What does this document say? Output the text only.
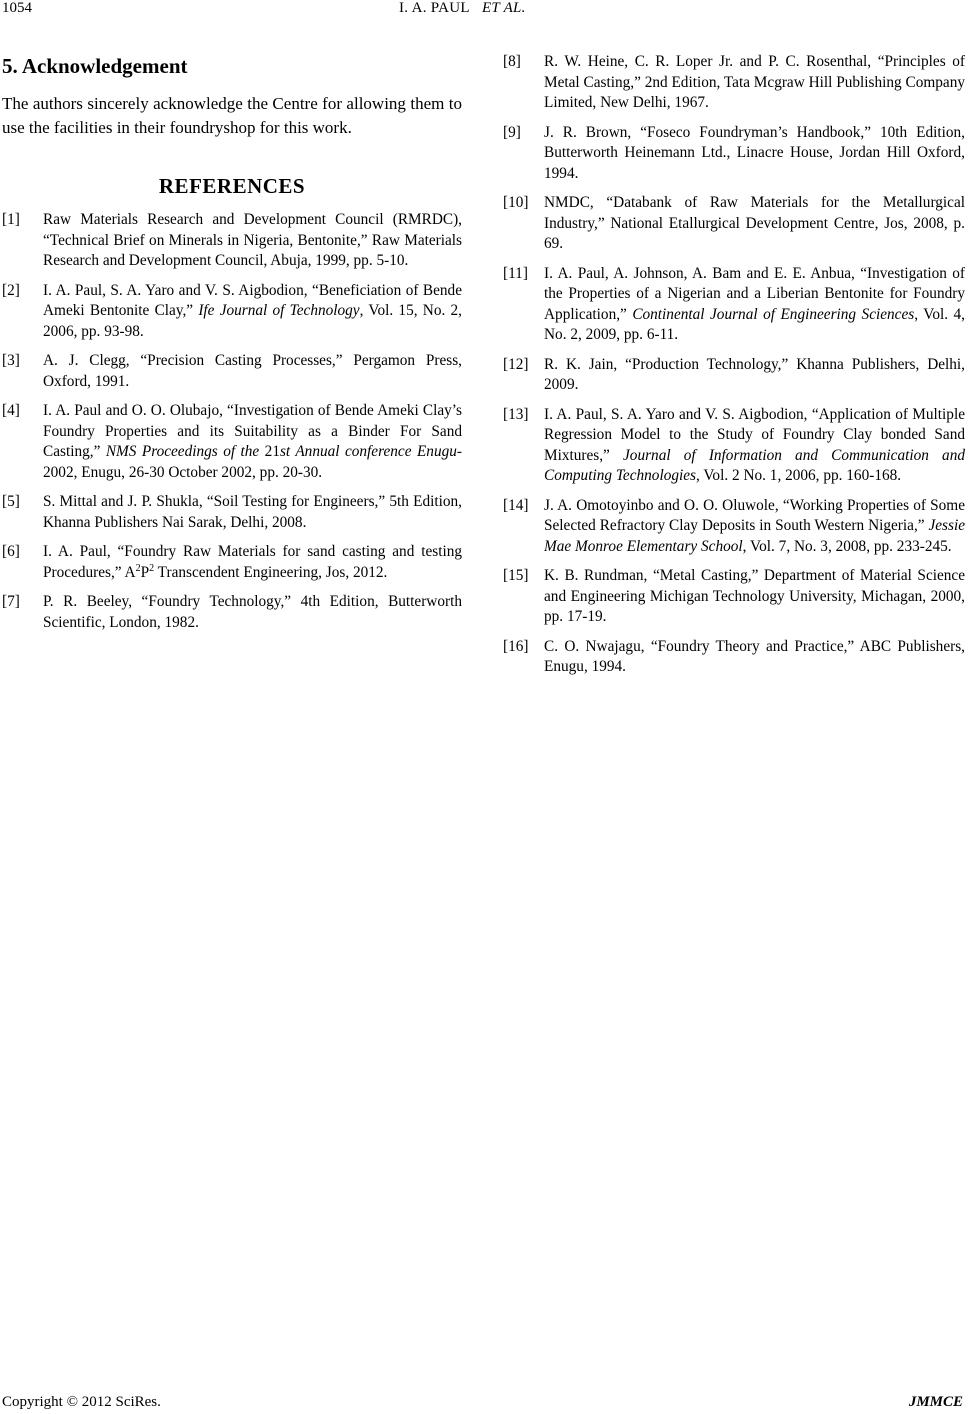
1054	I. A. PAUL ET AL.
5. Acknowledgement

The authors sincerely acknowledge the Centre for allowing them to use the facilities in their foundryshop for this work.

REFERENCES
[1]	Raw Materials Research and Development Council (RMRDC), “Technical Brief on Minerals in Nigeria, Bentonite,” Raw Materials Research and Development Council, Abuja, 1999, pp. 5-10.
[2]	I. A. Paul, S. A. Yaro and V. S. Aigbodion, “Beneficiation of Bende Ameki Bentonite Clay,” Ife Journal of Technology, Vol. 15, No. 2, 2006, pp. 93-98.
[3]	A. J. Clegg, “Precision Casting Processes,” Pergamon Press, Oxford, 1991.
[4]	I. A. Paul and O. O. Olubajo, “Investigation of Bende Ameki Clay’s Foundry Properties and its Suitability as a Binder For Sand Casting,” NMS Proceedings of the 21st Annual conference Enugu-2002, Enugu, 26-30 October 2002, pp. 20-30.
[5]	S. Mittal and J. P. Shukla, “Soil Testing for Engineers,” 5th Edition, Khanna Publishers Nai Sarak, Delhi, 2008.
[6]	I. A. Paul, “Foundry Raw Materials for sand casting and testing Procedures,” $A^2P^2$ Transcendent Engineering, Jos, 2012.
[7]	P. R. Beeley, “Foundry Technology,” 4th Edition, Butterworth Scientific, London, 1982.
[8]	R. W. Heine, C. R. Loper Jr. and P. C. Rosenthal, “Principles of Metal Casting,” 2nd Edition, Tata Mcgraw Hill Publishing Company Limited, New Delhi, 1967.
[9]	J. R. Brown, “Foseco Foundryman’s Handbook,” 10th Edition, Butterworth Heinemann Ltd., Linacre House, Jordan Hill Oxford, 1994.
[10]	NMDC, “Databank of Raw Materials for the Metallurgical Industry,” National Etallurgical Development Centre, Jos, 2008, p. 69.
[11]	I. A. Paul, A. Johnson, A. Bam and E. E. Anbua, “Investigation of the Properties of a Nigerian and a Liberian Bentonite for Foundry Application,” Continental Journal of Engineering Sciences, Vol. 4, No. 2, 2009, pp. 6-11.
[12]	R. K. Jain, “Production Technology,” Khanna Publishers, Delhi, 2009.
[13]	I. A. Paul, S. A. Yaro and V. S. Aigbodion, “Application of Multiple Regression Model to the Study of Foundry Clay bonded Sand Mixtures,” Journal of Information and Communication and Computing Technologies, Vol. 2 No. 1, 2006, pp. 160-168.
[14]	J. A. Omotoyinbo and O. O. Oluwole, “Working Properties of Some Selected Refractory Clay Deposits in South Western Nigeria,” Jessie Mae Monroe Elementary School, Vol. 7, No. 3, 2008, pp. 233-245.
[15]	K. B. Rundman, “Metal Casting,” Department of Material Science and Engineering Michigan Technology University, Michagan, 2000, pp. 17-19.
[16]	C. O. Nwajagu, “Foundry Theory and Practice,” ABC Publishers, Enugu, 1994.
Copyright © 2012 SciRes.	JMMCE
